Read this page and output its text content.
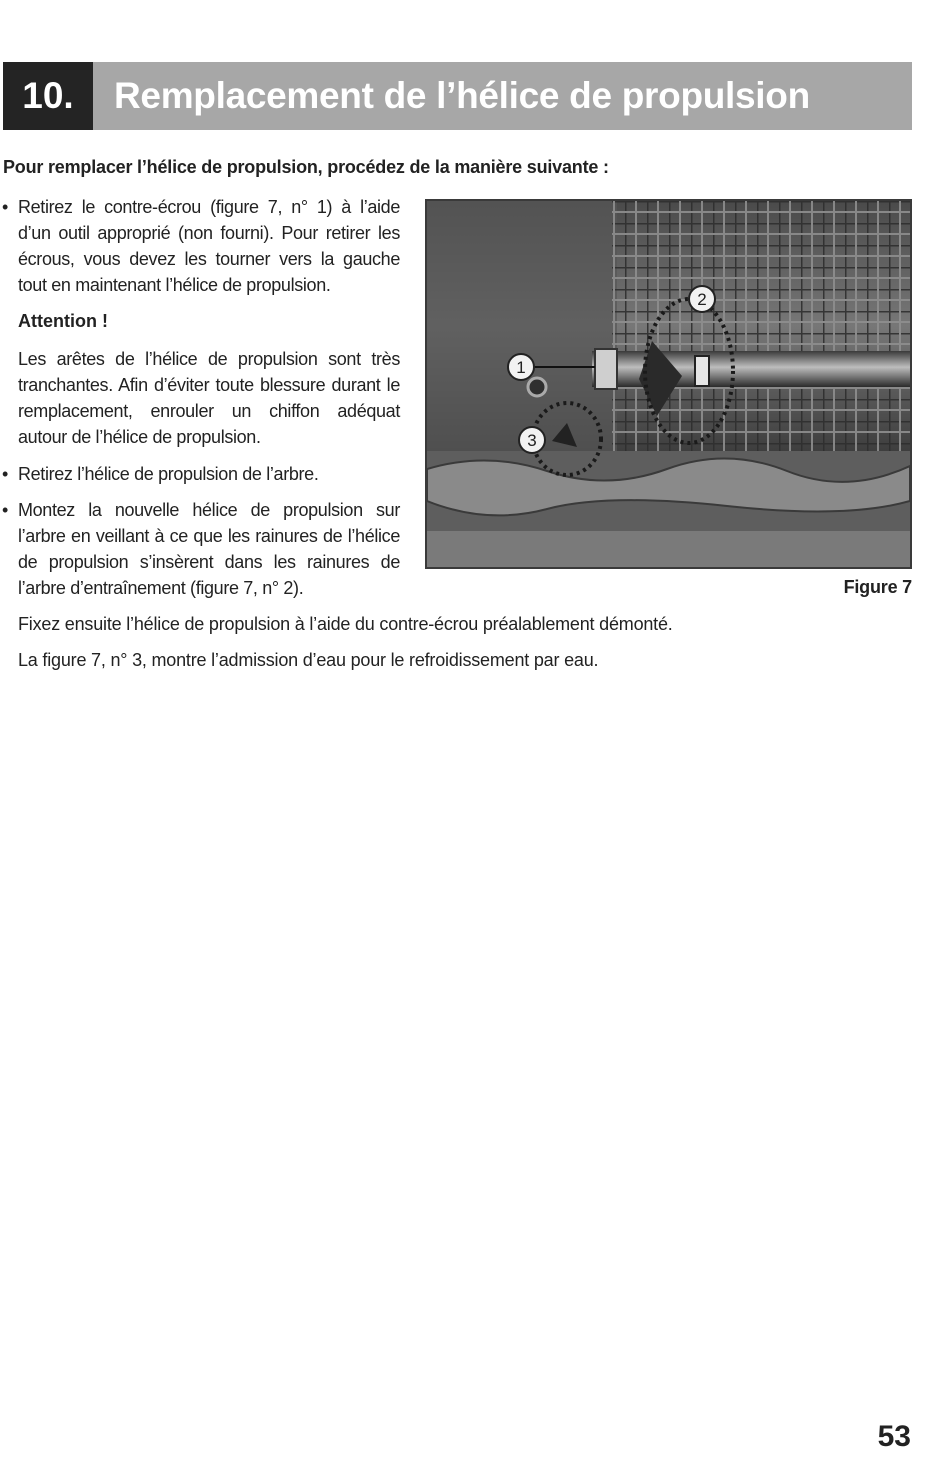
10.	Remplacement de l’hélice de propulsion
Pour remplacer l’hélice de propulsion, procédez de la manière suivante :
• Retirez le contre-écrou (figure 7, n° 1) à l’aide d’un outil approprié (non fourni). Pour retirer les écrous, vous devez les tourner vers la gauche tout en maintenant l’hélice de propulsion.

Attention !

Les arêtes de l’hélice de propulsion sont très tranchantes. Afin d’éviter toute blessure durant le remplacement, enrouler un chiffon adéquat autour de l’hélice de propulsion.

• Retirez l’hélice de propulsion de l’arbre.

• Montez la nouvelle hélice de propulsion sur l’arbre en veillant à ce que les rainures de l’hélice de propulsion s’insèrent dans les rainures de l’arbre d’entraînement (figure 7, n° 2).

Fixez ensuite l’hélice de propulsion à l’aide du contre-écrou préalablement démonté.
La figure 7, n° 3, montre l’admission d’eau pour le refroidissement par eau.
1
2
3
Figure 7
53
